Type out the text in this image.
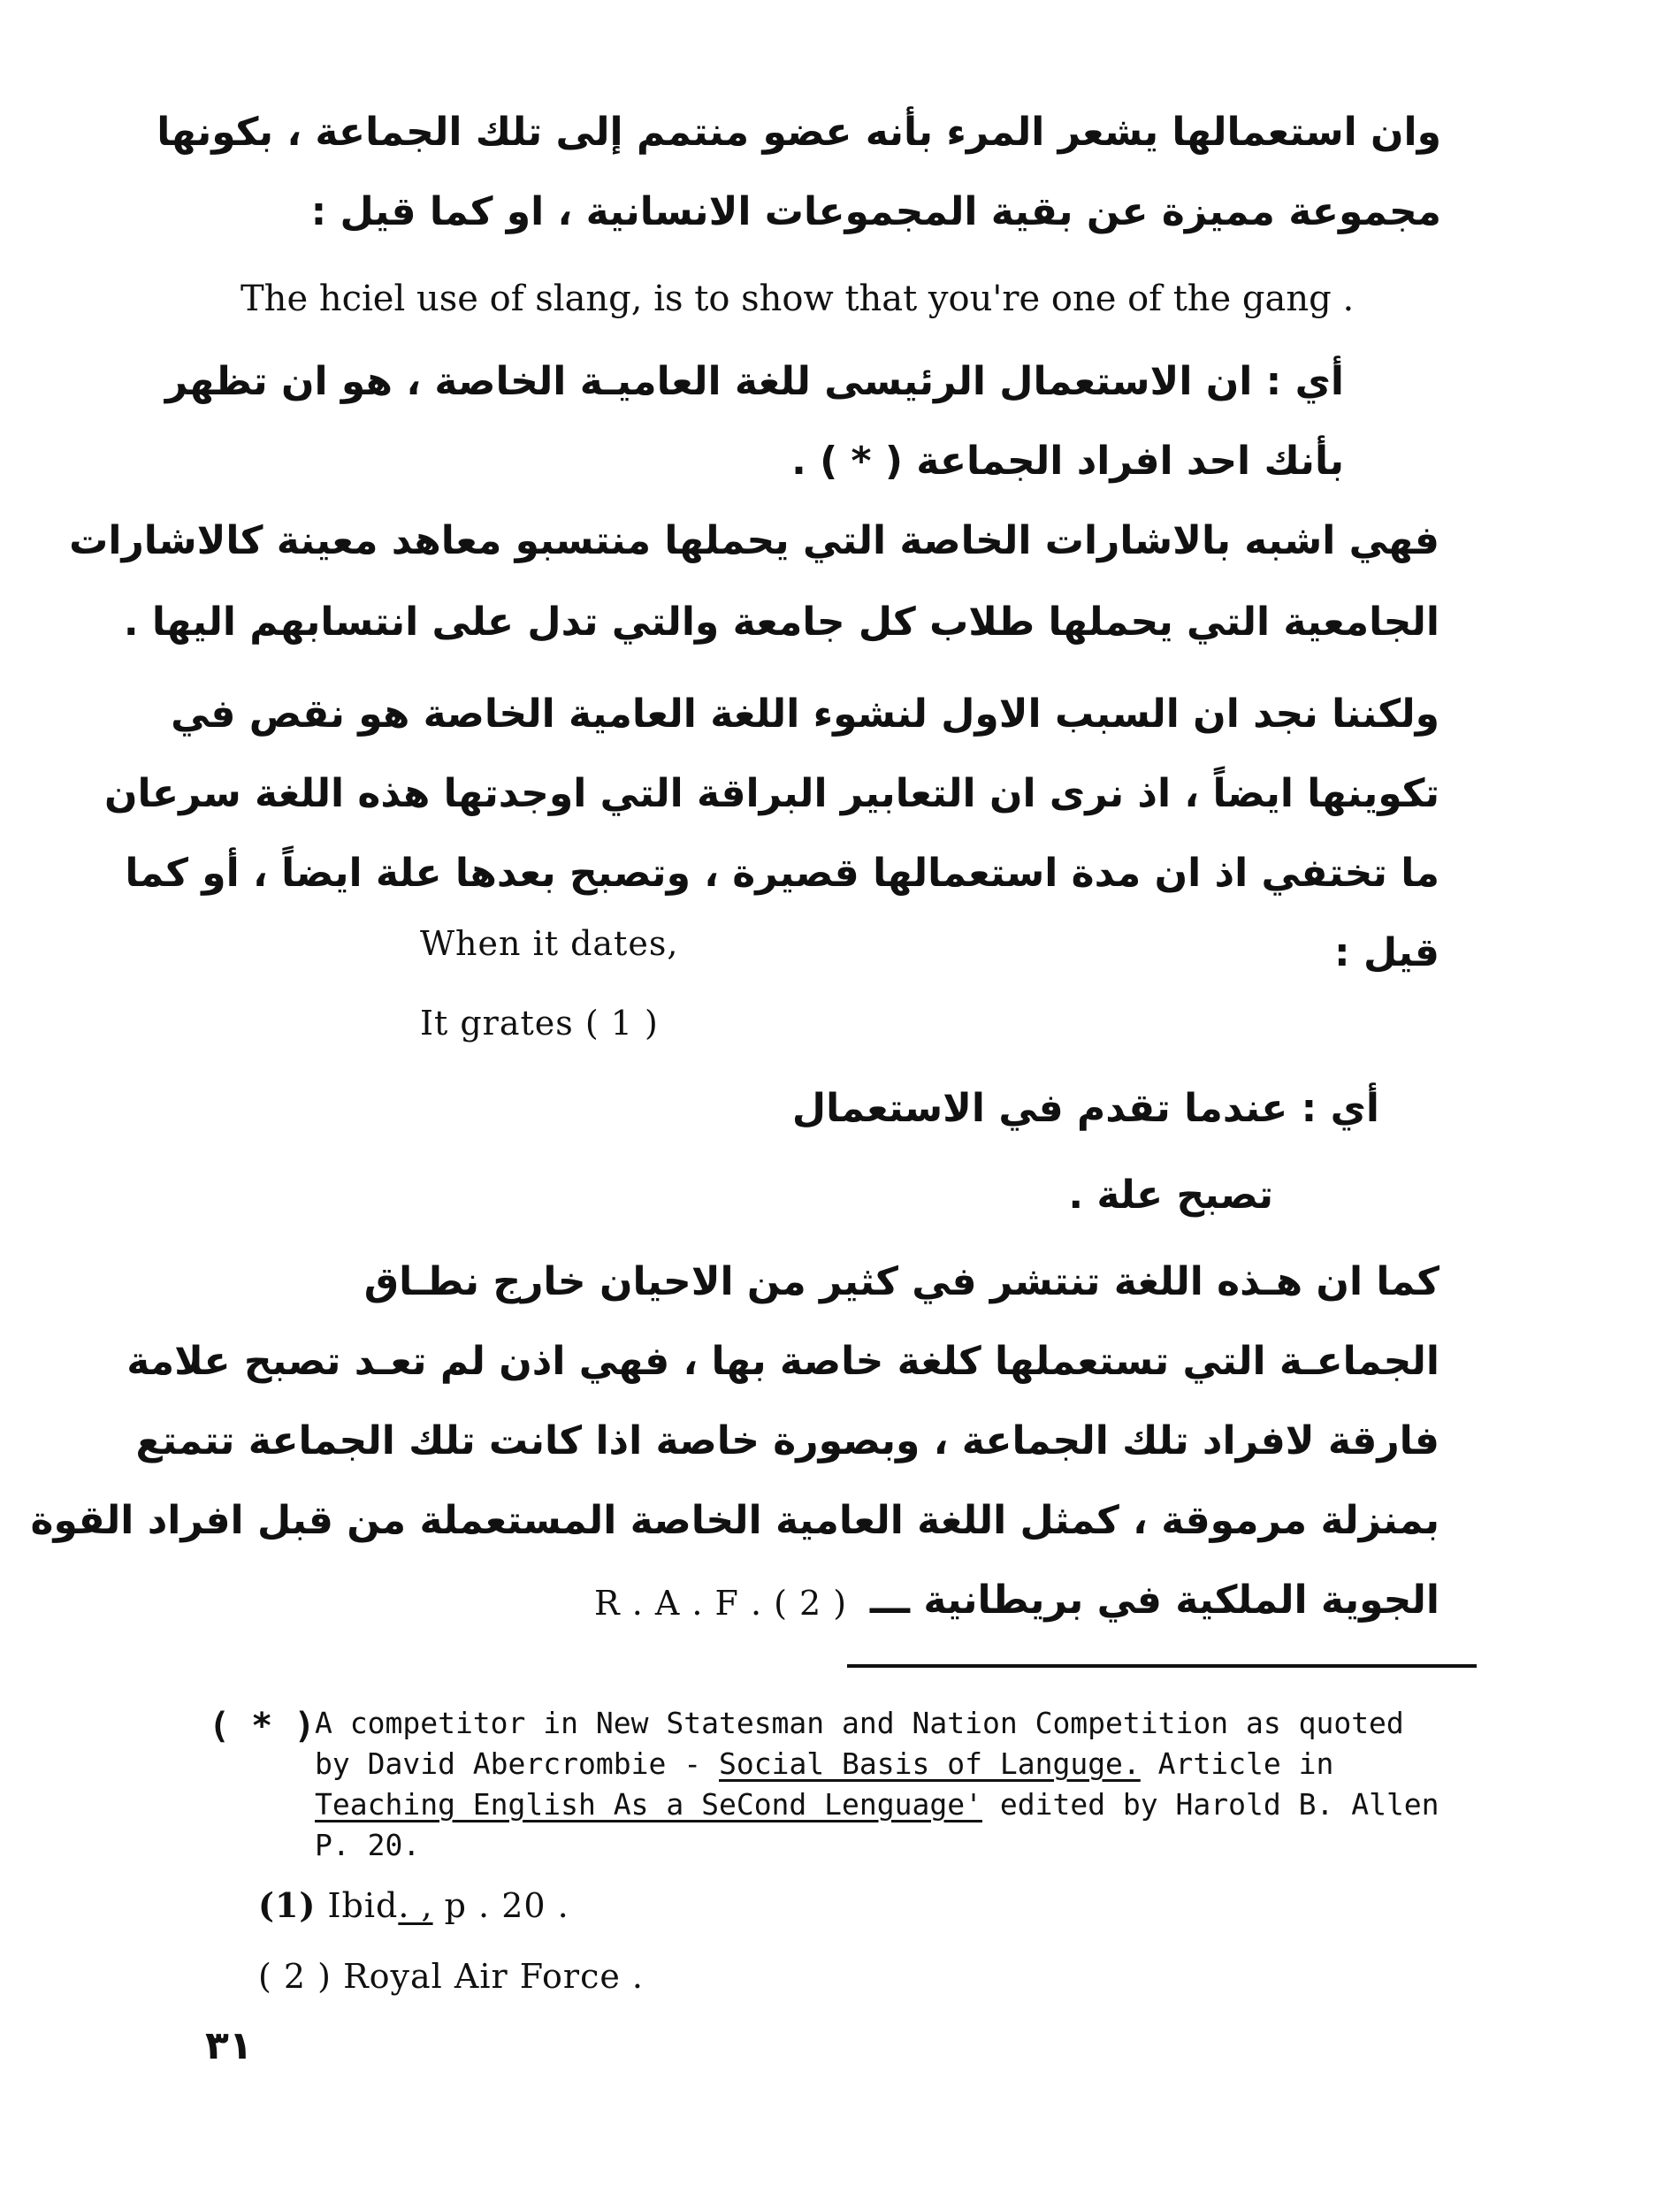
وان استعمالها يشعر المرء بأنه عضو منتمم إلى تلك الجماعة ، بكونها
مجموعة مميزة عن بقية المجموعات الانسانية ، او كما قيل :
The hciel use of slang, is to show that you're one of the gang .
أي : ان الاستعمال الرئيسى للغة العاميـة الخاصة ، هو ان تظهر
بأنك احد افراد الجماعة ( * ) .
فهي اشبه بالاشارات الخاصة التي يحملها منتسبو معاهد معينة كالاشارات
الجامعية التي يحملها طلاب كل جامعة والتي تدل على انتسابهم اليها .
ولكننا نجد ان السبب الاول لنشوء اللغة العامية الخاصة هو نقص في
تكوينها ايضاً ، اذ نرى ان التعابير البراقة التي اوجدتها هذه اللغة سرعان
ما تختفي اذ ان مدة استعمالها قصيرة ، وتصبح بعدها علة ايضاً ، أو كما
قيل :
When it dates,
It grates ( 1 )
أي : عندما تقدم في الاستعمال
تصبح علة .
كما ان هـذه اللغة تنتشر في كثير من الاحيان خارج نطـاق
الجماعـة التي تستعملها كلغة خاصة بها ، فهي اذن لم تعـد تصبح علامة
فارقة لافراد تلك الجماعة ، وبصورة خاصة اذا كانت تلك الجماعة تتمتع
بمنزلة مرموقة ، كمثل اللغة العامية الخاصة المستعملة من قبل افراد القوة
الجوية الملكية في بريطانية ـــ
R . A . F . ( 2 )
( * ) A competitor in New Statesman and Nation Competition as quoted
by David Abercrombie - Social Basis of Languge. Article in
Teaching English As a SeCond Lenguage' edited by Harold B. Allen
P. 20.
(1) Ibid. , p . 20 .
( 2 ) Royal Air Force .
٣١
